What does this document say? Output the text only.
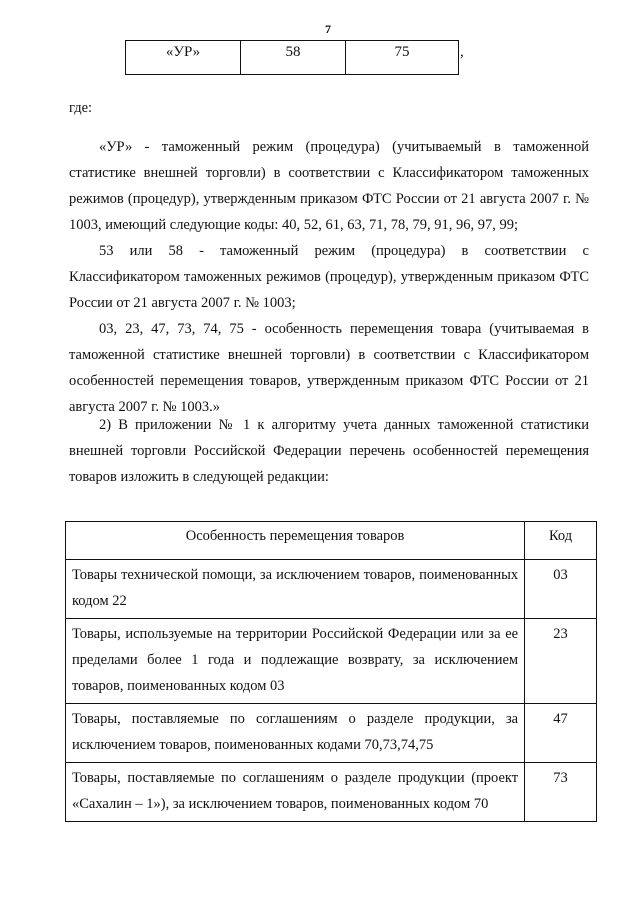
7
«УР»	58	75	,

где:

«УР» - таможенный режим (процедура) (учитываемый в таможенной статистике внешней торговли) в соответствии с Классификатором таможенных режимов (процедур), утвержденным приказом ФТС России от 21 августа 2007 г. № 1003, имеющий следующие коды: 40, 52, 61, 63, 71, 78, 79, 91, 96, 97, 99;

53 или 58 - таможенный режим (процедура) в соответствии с Классификатором таможенных режимов (процедур), утвержденным приказом ФТС России от 21 августа 2007 г. № 1003;

03, 23, 47, 73, 74, 75 - особенность перемещения товара (учитываемая в таможенной статистике внешней торговли) в соответствии с Классификатором особенностей перемещения товаров, утвержденным приказом ФТС России от 21 августа 2007 г. № 1003.»

2) В приложении № 1 к алгоритму учета данных таможенной статистики внешней торговли Российской Федерации перечень особенностей перемещения товаров изложить в следующей редакции:

Особенность перемещения товаров	Код
Товары технической помощи, за исключением товаров, поименованных кодом 22	03
Товары, используемые на территории Российской Федерации или за ее пределами более 1 года и подлежащие возврату, за исключением товаров, поименованных кодом 03	23
Товары, поставляемые по соглашениям о разделе продукции, за исключением товаров, поименованных кодами 70,73,74,75	47
Товары, поставляемые по соглашениям о разделе продукции (проект «Сахалин – 1»), за исключением товаров, поименованных кодом 70	73
